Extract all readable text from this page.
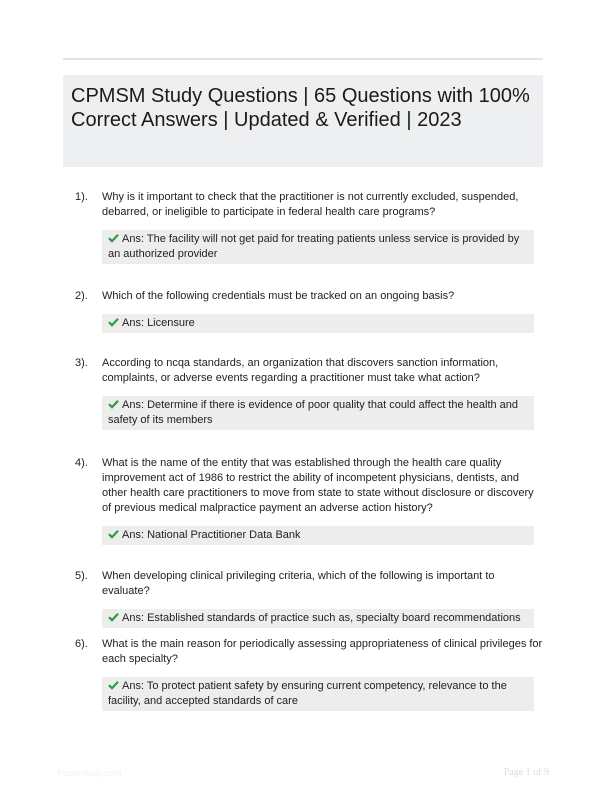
CPMSM Study Questions | 65 Questions with 100% Correct Answers | Updated & Verified | 2023
1).	Why is it important to check that the practitioner is not currently excluded, suspended, debarred, or ineligible to participate in federal health care programs?
Ans: The facility will not get paid for treating patients unless service is provided by an authorized provider
2).	Which of the following credentials must be tracked on an ongoing basis?
Ans: Licensure
3).	According to ncqa standards, an organization that discovers sanction information, complaints, or adverse events regarding a practitioner must take what action?
Ans: Determine if there is evidence of poor quality that could affect the health and safety of its members
4).	What is the name of the entity that was established through the health care quality improvement act of 1986 to restrict the ability of incompetent physicians, dentists, and other health care practitioners to move from state to state without disclosure or discovery of previous medical malpractice payment an adverse action history?
Ans: National Practitioner Data Bank
5).	When developing clinical privileging criteria, which of the following is important to evaluate?
Ans: Established standards of practice such as, specialty board recommendations
6).	What is the main reason for periodically assessing appropriateness of clinical privileges for each specialty?
Ans: To protect patient safety by ensuring current competency, relevance to the facility, and accepted standards of care
Paperstudy.com	Page 1 of 9
